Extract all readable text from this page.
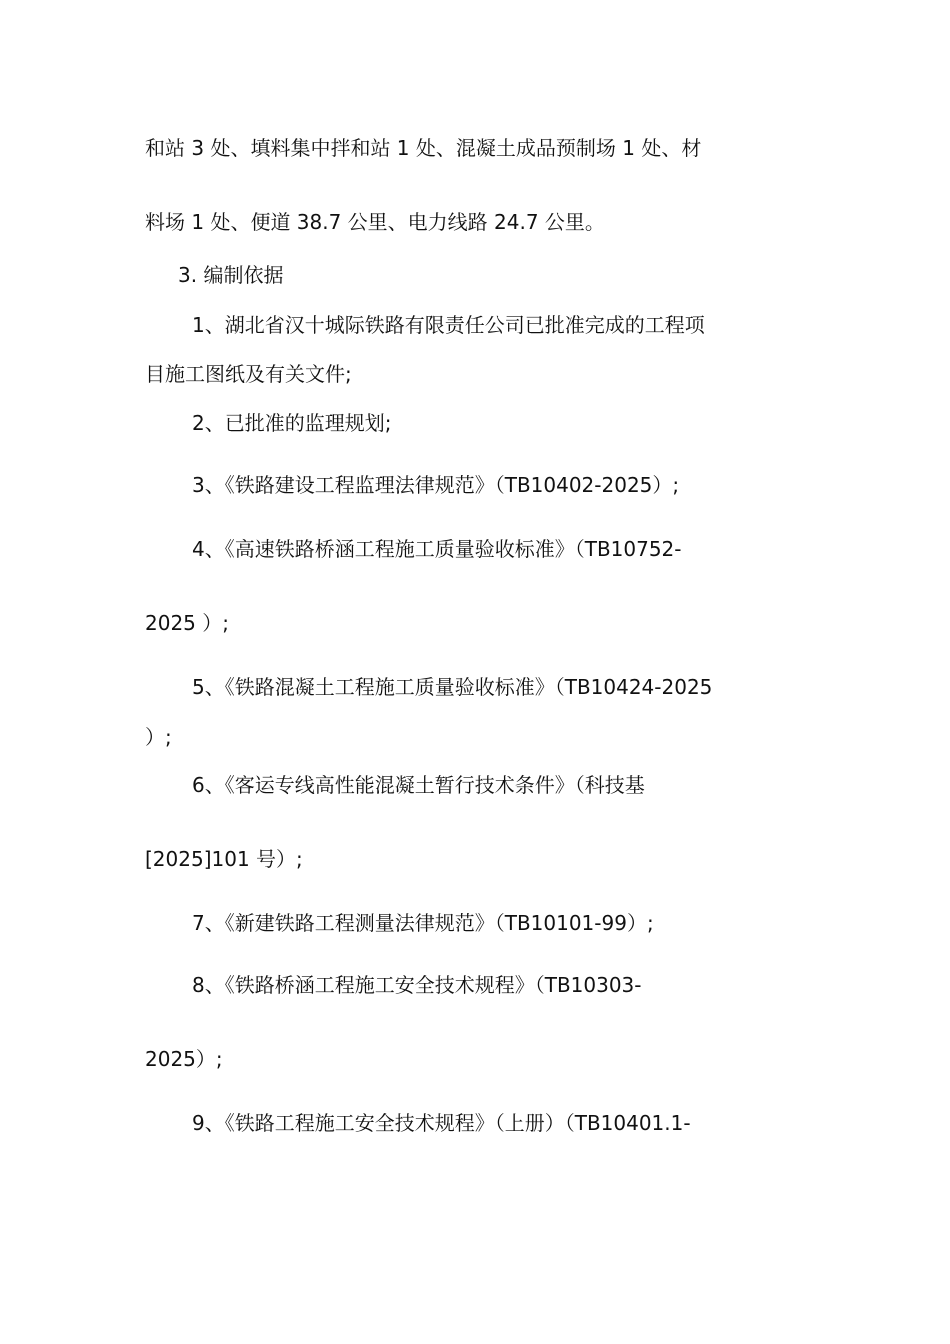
和站 3 处、填料集中拌和站 1 处、混凝土成品预制场 1 处、材
料场 1 处、便道 38.7 公里、电力线路 24.7 公里。
3. 编制依据
1、湖北省汉十城际铁路有限责任公司已批准完成的工程项
目施工图纸及有关文件;
2、已批准的监理规划;
3、《铁路建设工程监理法律规范》（TB10402-2025）;
4、《高速铁路桥涵工程施工质量验收标准》（TB10752-
2025 ）;
5、《铁路混凝土工程施工质量验收标准》（TB10424-2025
）;
6、《客运专线高性能混凝土暂行技术条件》（科技基
[2025]101 号）;
7、《新建铁路工程测量法律规范》（TB10101-99）;
8、《铁路桥涵工程施工安全技术规程》（TB10303-
2025）;
9、《铁路工程施工安全技术规程》（上册）（TB10401.1-
